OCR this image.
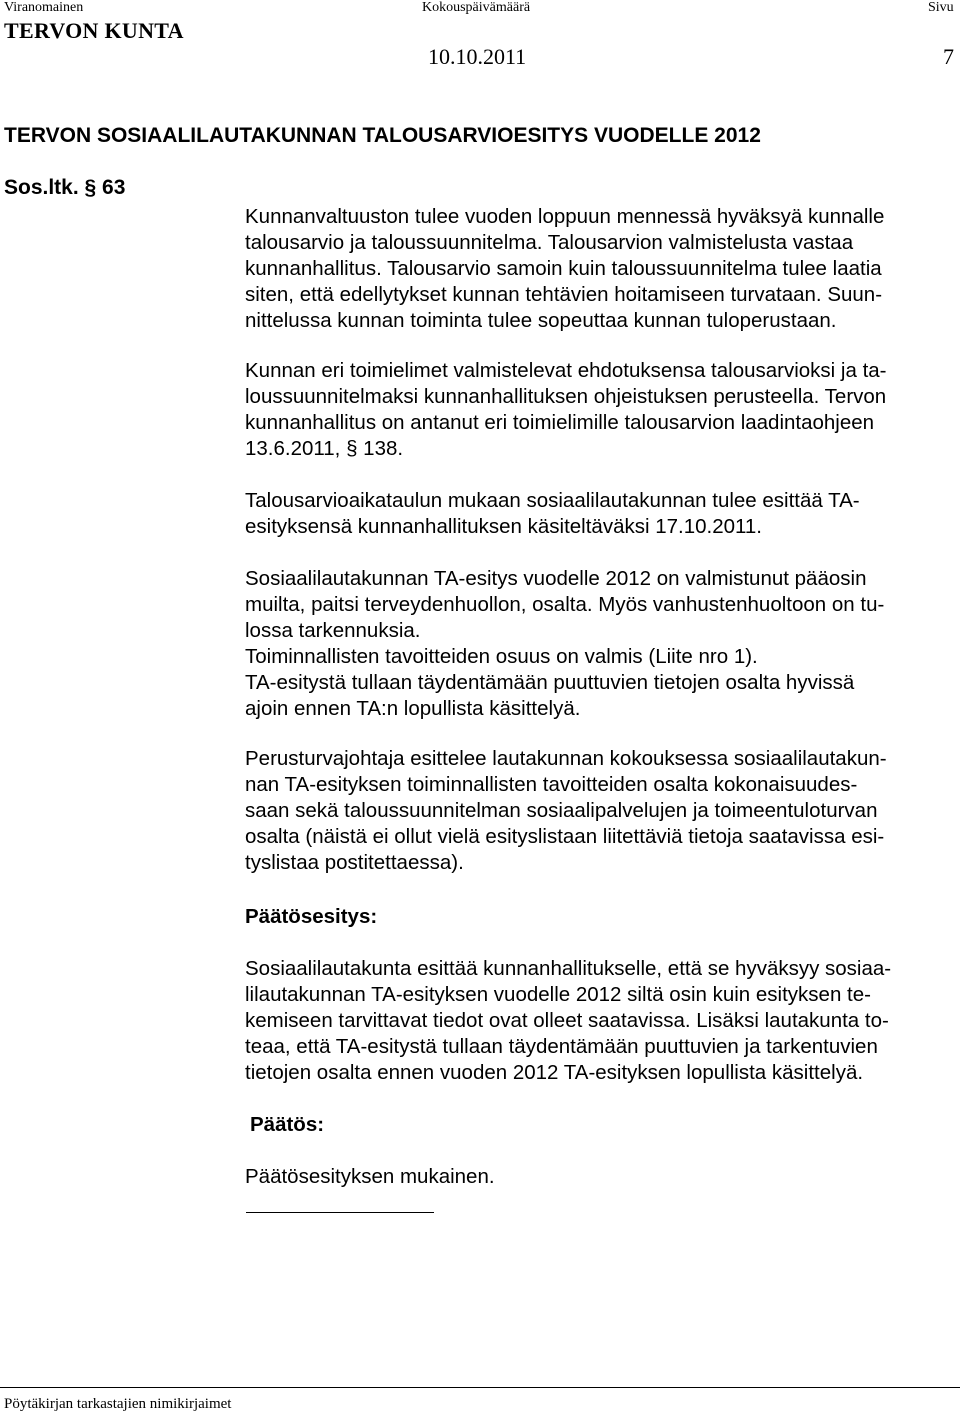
Viranomainen	Kokouspäivämäärä	Sivu
TERVON KUNTA
10.10.2011	7
TERVON SOSIAALILAUTAKUNNAN TALOUSARVIOESITYS VUODELLE 2012
Sos.ltk. § 63
Kunnanvaltuuston tulee vuoden loppuun mennessä hyväksyä kunnalle
talousarvio ja taloussuunnitelma. Talousarvion valmistelusta vastaa
kunnanhallitus. Talousarvio samoin kuin taloussuunnitelma tulee laatia
siten, että edellytykset kunnan tehtävien hoitamiseen turvataan. Suun-
nittelussa kunnan toiminta tulee sopeuttaa kunnan tuloperustaan.
Kunnan eri toimielimet valmistelevat ehdotuksensa talousarvioksi ja ta-
loussuunnitelmaksi kunnanhallituksen ohjeistuksen perusteella. Tervon
kunnanhallitus on antanut eri toimielimille talousarvion laadintaohjeen
13.6.2011, § 138.
Talousarvioaikataulun mukaan sosiaalilautakunnan tulee esittää TA-
esityksensä kunnanhallituksen käsiteltäväksi 17.10.2011.
Sosiaalilautakunnan TA-esitys vuodelle 2012 on valmistunut pääosin
muilta, paitsi terveydenhuollon, osalta. Myös vanhustenhuoltoon on tu-
lossa tarkennuksia.
Toiminnallisten tavoitteiden osuus on valmis (Liite nro 1).
TA-esitystä tullaan täydentämään puuttuvien tietojen osalta hyvissä
ajoin ennen TA:n lopullista käsittelyä.
Perusturvajohtaja esittelee lautakunnan kokouksessa sosiaalilautakun-
nan TA-esityksen toiminnallisten tavoitteiden osalta kokonaisuudes-
saan sekä taloussuunnitelman sosiaalipalvelujen ja toimeentuloturvan
osalta (näistä ei ollut vielä esityslistaan liitettäviä tietoja saatavissa esi-
tyslistaa postitettaessa).
Päätösesitys:
Sosiaalilautakunta esittää kunnanhallitukselle, että se hyväksyy sosiaa-
lilautakunnan TA-esityksen vuodelle 2012 siltä osin kuin esityksen te-
kemiseen tarvittavat tiedot ovat olleet saatavissa. Lisäksi lautakunta to-
teaa, että TA-esitystä tullaan täydentämään puuttuvien ja tarkentuvien
tietojen osalta ennen vuoden 2012 TA-esityksen lopullista käsittelyä.
Päätös:
Päätösesityksen mukainen.
Pöytäkirjan tarkastajien nimikirjaimet
